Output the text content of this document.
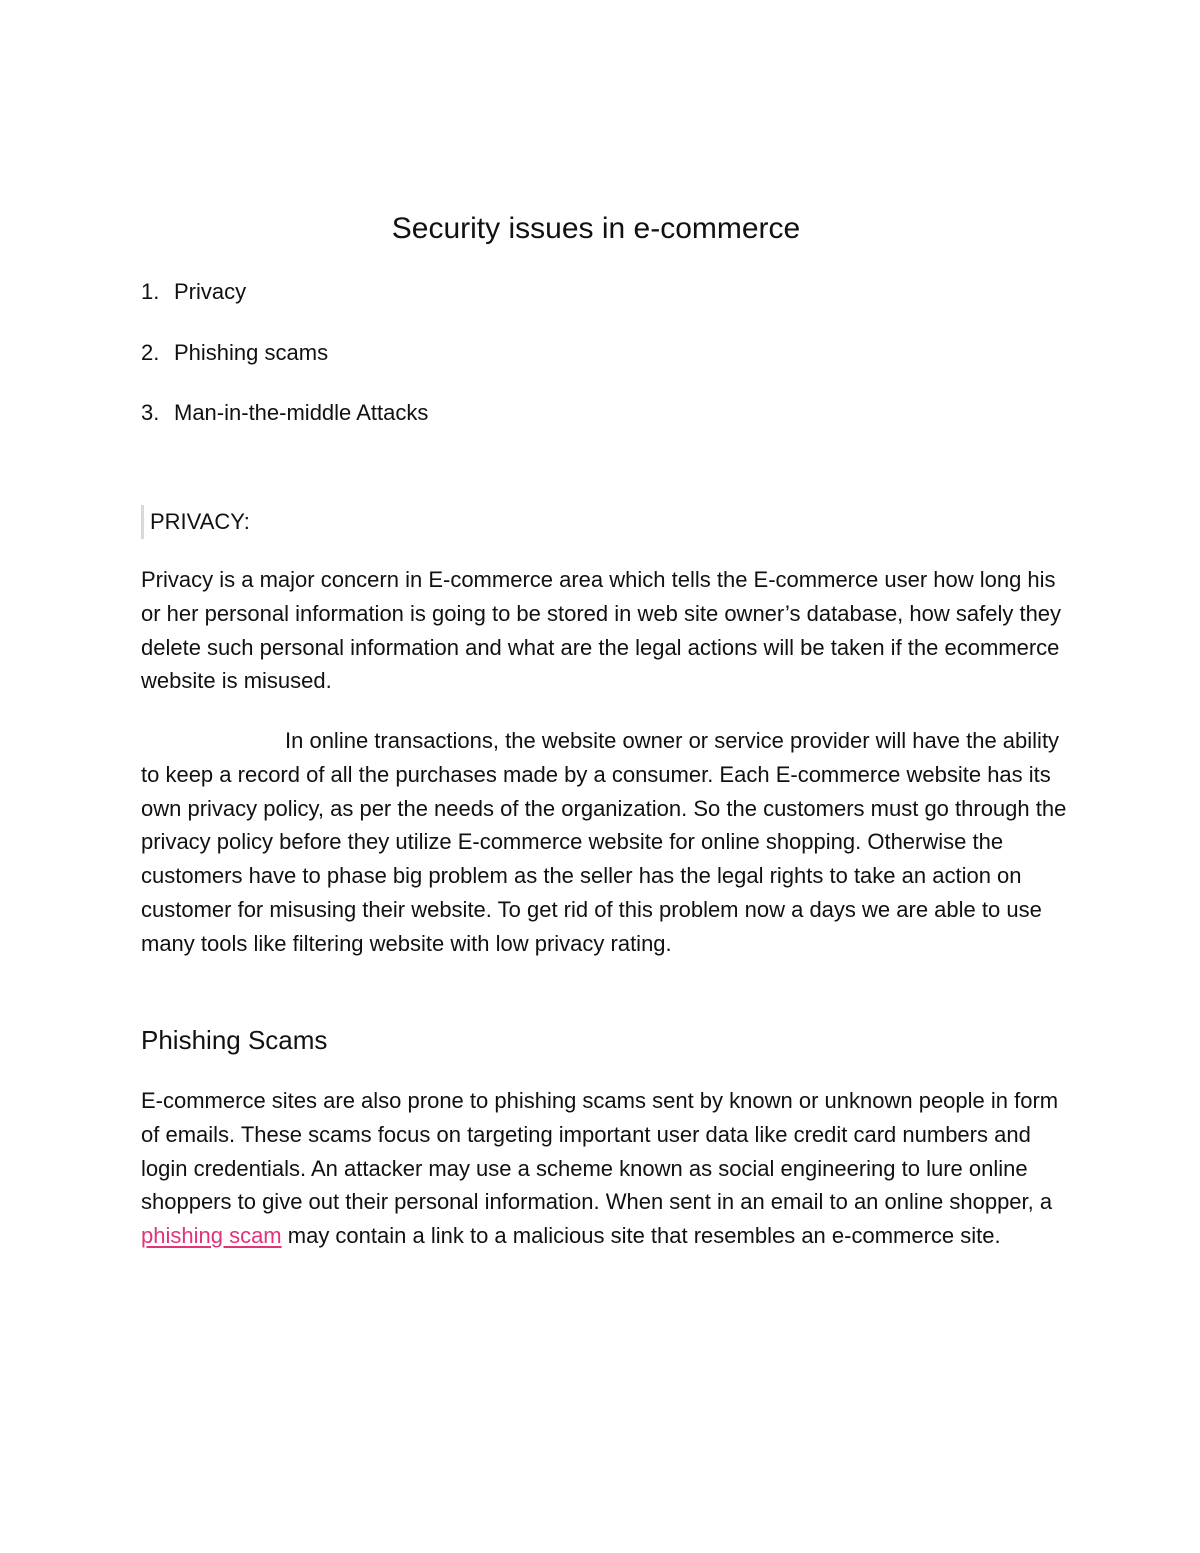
Security issues in e-commerce
1. Privacy
2. Phishing scams
3. Man-in-the-middle Attacks
PRIVACY:

Privacy is a major concern in E-commerce area which tells the E-commerce user how long his or her personal information is going to be stored in web site owner’s database, how safely they delete such personal information and what are the legal actions will be taken if the ecommerce website is misused.

In online transactions, the website owner or service provider will have the ability to keep a record of all the purchases made by a consumer. Each E-commerce website has its own privacy policy, as per the needs of the organization. So the customers must go through the privacy policy before they utilize E-commerce website for online shopping. Otherwise the customers have to phase big problem as the seller has the legal rights to take an action on customer for misusing their website. To get rid of this problem now a days we are able to use many tools like filtering website with low privacy rating.

Phishing Scams

E-commerce sites are also prone to phishing scams sent by known or unknown people in form of emails. These scams focus on targeting important user data like credit card numbers and login credentials. An attacker may use a scheme known as social engineering to lure online shoppers to give out their personal information. When sent in an email to an online shopper, a phishing scam may contain a link to a malicious site that resembles an e-commerce site.
